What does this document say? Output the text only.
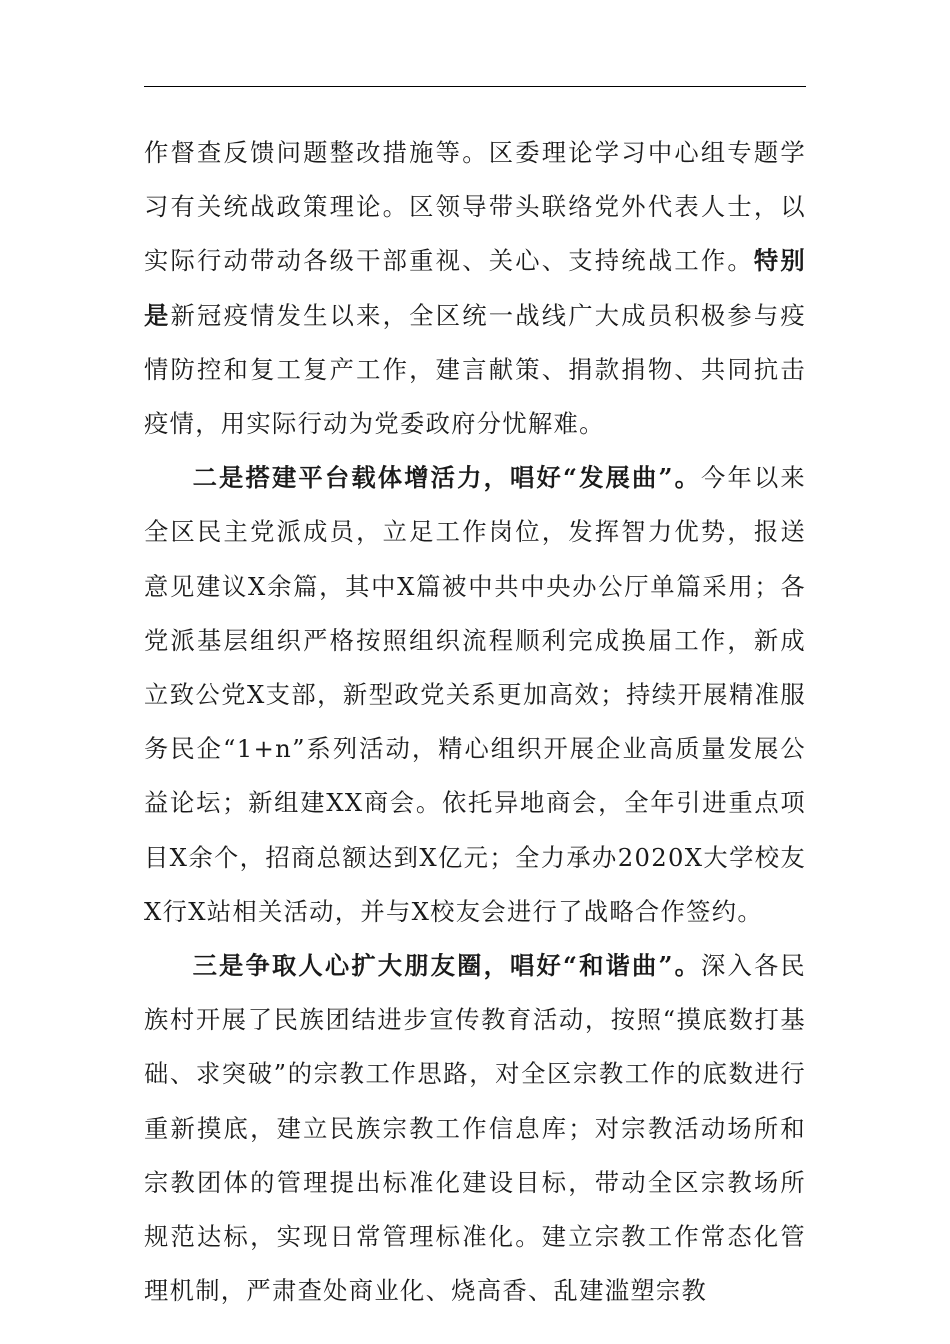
作督查反馈问题整改措施等。区委理论学习中心组专题学习有关统战政策理论。区领导带头联络党外代表人士，以实际行动带动各级干部重视、关心、支持统战工作。特别是新冠疫情发生以来，全区统一战线广大成员积极参与疫情防控和复工复产工作，建言献策、捐款捐物、共同抗击疫情，用实际行动为党委政府分忧解难。

二是搭建平台载体增活力，唱好“发展曲”。今年以来全区民主党派成员，立足工作岗位，发挥智力优势，报送意见建议X余篇，其中X篇被中共中央办公厅单篇采用；各党派基层组织严格按照组织流程顺利完成换届工作，新成立致公党X支部，新型政党关系更加高效；持续开展精准服务民企“1+n”系列活动，精心组织开展企业高质量发展公益论坛；新组建XX商会。依托异地商会，全年引进重点项目X余个，招商总额达到X亿元；全力承办2020X大学校友X行X站相关活动，并与X校友会进行了战略合作签约。

三是争取人心扩大朋友圈，唱好“和谐曲”。深入各民族村开展了民族团结进步宣传教育活动，按照“摸底数打基础、求突破”的宗教工作思路，对全区宗教工作的底数进行重新摸底，建立民族宗教工作信息库；对宗教活动场所和宗教团体的管理提出标准化建设目标，带动全区宗教场所规范达标，实现日常管理标准化。建立宗教工作常态化管理机制，严肃查处商业化、烧高香、乱建滥塑宗教
